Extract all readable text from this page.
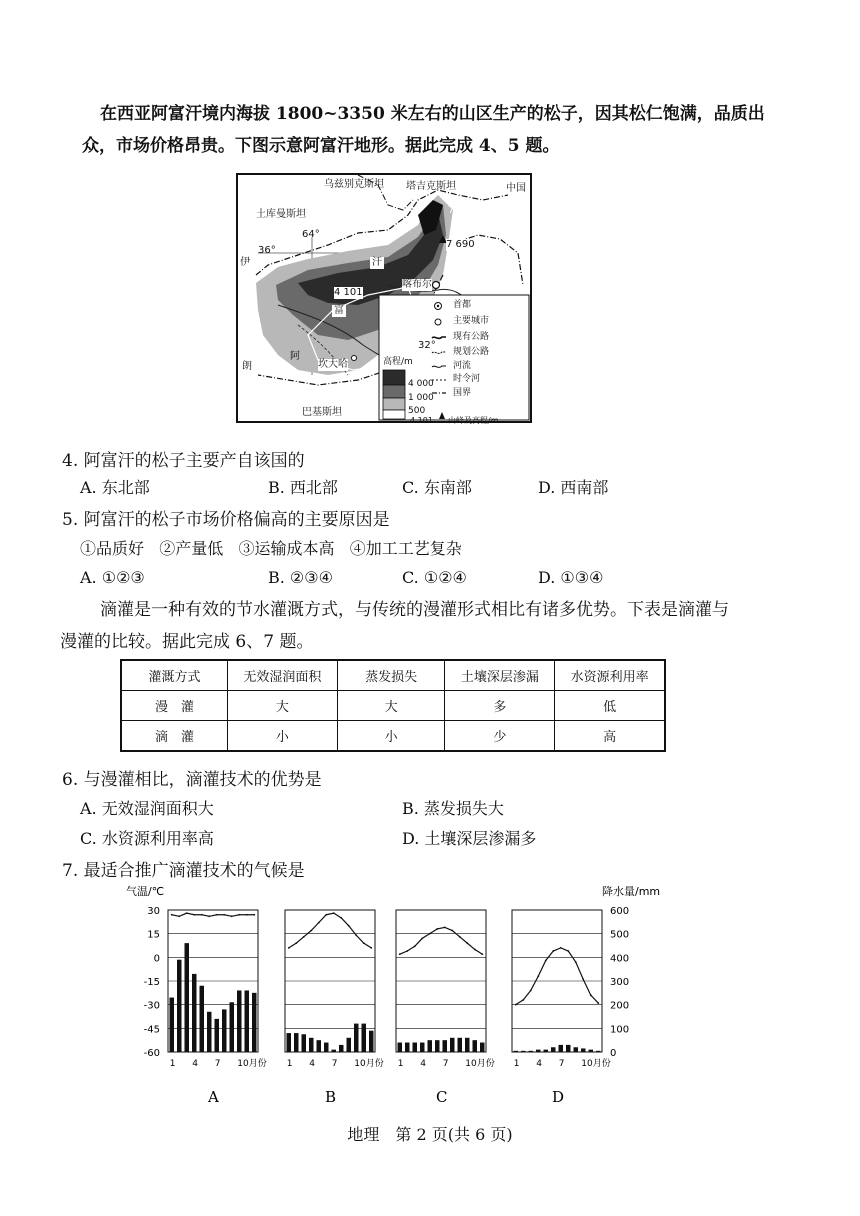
在西亚阿富汗境内海拔 1800~3350 米左右的山区生产的松子，因其松仁饱满，品质出
众，市场价格昂贵。下图示意阿富汗地形。据此完成 4、5 题。
乌兹别克斯坦 塔吉克斯坦	中国
土库曼斯坦	72°
64°
7 690
36°
伊	汗
4 101
喀布尔
富
32°
阿
朗	坎大哈
巴基斯坦
首都
主要城市
现有公路
规划公路
河流
时令河
国界
高程/m
4 000
1 000
500
4 101 山峰及高程/m
4. 阿富汗的松子主要产自该国的
A. 东北部	B. 西北部	C. 东南部	D. 西南部
5. 阿富汗的松子市场价格偏高的主要原因是
①品质好   ②产量低   ③运输成本高   ④加工工艺复杂
A. ①②③	B. ②③④	C. ①②④	D. ①③④
滴灌是一种有效的节水灌溉方式，与传统的漫灌形式相比有诸多优势。下表是滴灌与
漫灌的比较。据此完成 6、7 题。
灌溉方式	无效湿润面积	蒸发损失	土壤深层渗漏	水资源利用率
漫　灌	大	大	多	低
滴　灌	小	小	少	高
6. 与漫灌相比，滴灌技术的优势是
A. 无效湿润面积大	B. 蒸发损失大
C. 水资源利用率高	D. 土壤深层渗漏多
7. 最适合推广滴灌技术的气候是
气温/℃	降水量/mm
30
15
0
-15
-30
-45
-60
600
500
400
300
200
100
0
1 4 7 10月份
A
1 4 7 10月份
B
1 4 7 10月份
C
1 4 7 10月份
D
地理　第 2 页(共 6 页)
